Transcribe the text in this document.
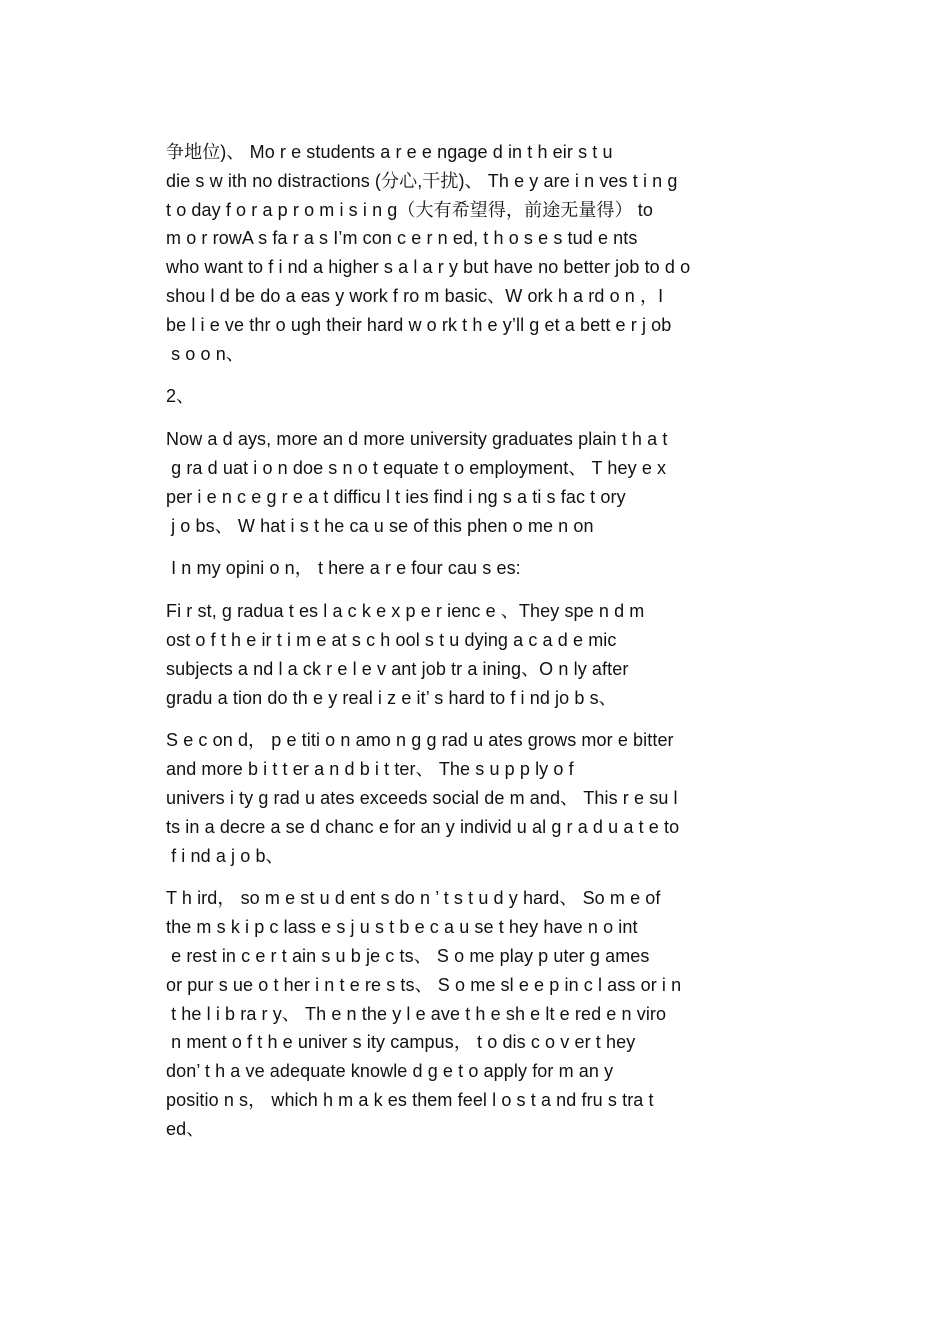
争地位)、 Mo r e students a r e e ngage d in t h eir s t u
die s w ith no distractions (分心,干扰)、 Th e y are i n ves t i n g
t o day f o r a p r o m i s i n g（大有希望得，前途无量得） to
m o r rowA s fa r a s I’m con c e r n ed, t h o s e s tud e nts
who want to f i nd a higher s a l a r y but have no better job to d o
shou l d be do a eas y work f ro m basic、W ork h a rd o n ，I
be l i e ve thr o ugh their hard w o rk t h e y’ll g et a bett e r j ob
s o o n、
2、
Now a d ays, more an d more university graduates plain t h a t
g ra d uat i o n doe s n o t equate t o employment、 T hey e x
per i e n c e g r e a t difficu l t ies find i ng s a ti s fac t ory
j o bs、 W hat i s t he ca u se of this phen o me n on
I n my opini o n， t here a r e four cau s es:
Fi r st, g radua t es l a c k e x p e r ienc e 、They spe n d m
ost o f t h e ir t i m e at s c h ool s t u dying a c a d e mic
subjects a nd l a ck r e l e v ant job tr a ining、O n ly after
gradu a tion do th e y real i z e it’ s hard to f i nd jo b s、
S e c on d， p e titi o n amo n g g rad u ates grows mor e bitter
and more b i t t er a n d b i t ter、 The s u p p ly o f
univers i ty g rad u ates exceeds social de m and、 This r e su l
ts in a decre a se d chanc e for an y individ u al g r a d u a t e to
f i nd a j o b、
T h ird， so m e st u d ent s do n ’ t s t u d y hard、 So m e of
the m s k i p c lass e s j u s t b e c a u se t hey have n o int
e rest in c e r t ain s u b je c ts、 S o me play p uter g ames
or pur s ue o t her i n t e re s ts、 S o me sl e e p in c l ass or i n
t he l i b ra r y、 Th e n the y l e ave t h e sh e lt e red e n viro
n ment o f t h e univer s ity campus， t o dis c o v er t hey
don’ t h a ve adequate knowle d g e t o apply for m an y
positio n s， which h m a k es them feel l o s t a nd fru s tra t
ed、
